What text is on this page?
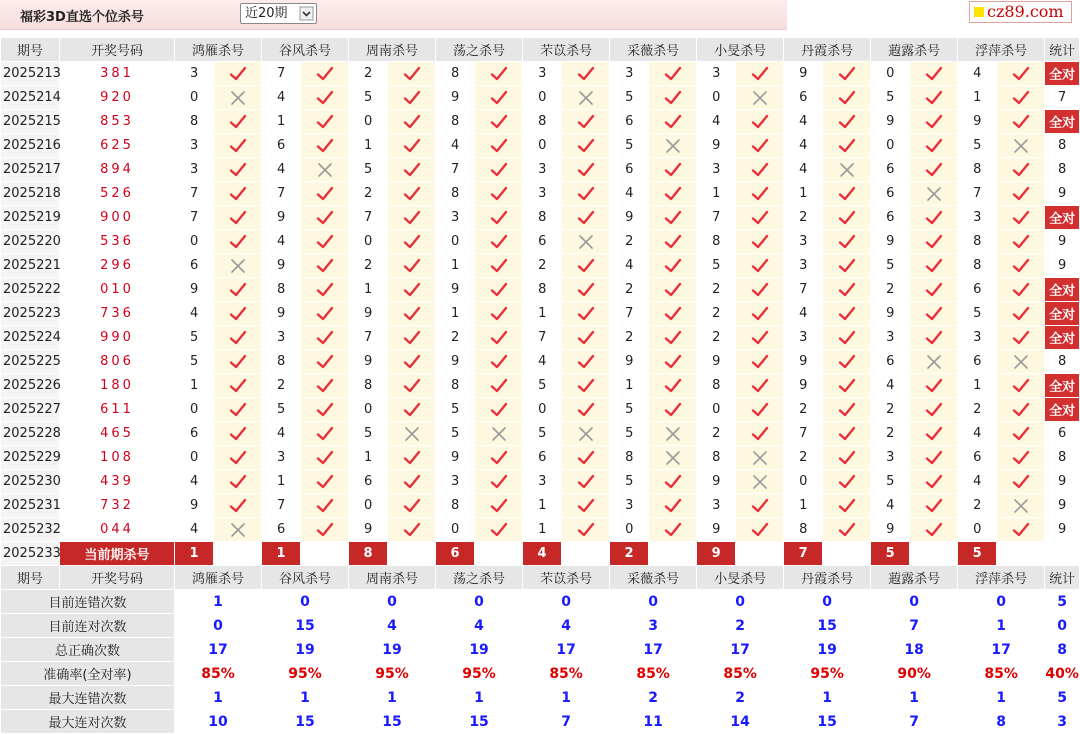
福彩3D直选个位杀号	近20期	cz89.com
期号	开奖号码	鸿雁杀号		谷风杀号		周南杀号		荡之杀号		芣苡杀号		采薇杀号		小旻杀号		丹霞杀号		蕸露杀号		浮萍杀号		统计
2025213	381	3		7		2		8		3		3		3		9		0		4		全对
2025214	920	0		4		5		9		0		5		0		6		5		1		7
2025215	853	8		1		0		8		8		6		4		4		9		9		全对
2025216	625	3		6		1		4		0		5		9		4		0		5		8
2025217	894	3		4		5		7		3		6		3		4		6		8		8
2025218	526	7		7		2		8		3		4		1		1		6		7		9
2025219	900	7		9		7		3		8		9		7		2		6		3		全对
2025220	536	0		4		0		0		6		2		8		3		9		8		9
2025221	296	6		9		2		1		2		4		5		3		5		8		9
2025222	010	9		8		1		9		8		2		2		7		2		6		全对
2025223	736	4		9		9		1		1		7		2		4		9		5		全对
2025224	990	5		3		7		2		7		2		2		3		3		3		全对
2025225	806	5		8		9		9		4		9		9		9		6		6		8
2025226	180	1		2		8		8		5		1		8		9		4		1		全对
2025227	611	0		5		0		5		0		5		0		2		2		2		全对
2025228	465	6		4		5		5		5		5		2		7		2		4		6
2025229	108	0		3		1		9		6		8		8		2		3		6		8
2025230	439	4		1		6		3		3		5		9		0		5		4		9
2025231	732	9		7		0		8		1		3		3		1		4		2		9
2025232	044	4		6		9		0		1		0		9		8		9		0		9
2025233	当前期杀号	1		1		8		6		4		2		9		7		5		5		
期号	开奖号码	鸿雁杀号		谷风杀号		周南杀号		荡之杀号		芣苡杀号		采薇杀号		小旻杀号		丹霞杀号		蕸露杀号		浮萍杀号		统计
目前连错次数		1		0		0		0		0		0		0		0		0		0		5
目前连对次数		0		15		4		4		4		3		2		15		7		1		0
总正确次数		17		19		19		19		17		17		17		19		18		17		8
准确率(全对率)		85%		95%		95%		95%		85%		85%		85%		95%		90%		85%		40%
最大连错次数		1		1		1		1		1		2		2		1		1		1		5
最大连对次数		10		15		15		15		7		11		14		15		7		8		3
